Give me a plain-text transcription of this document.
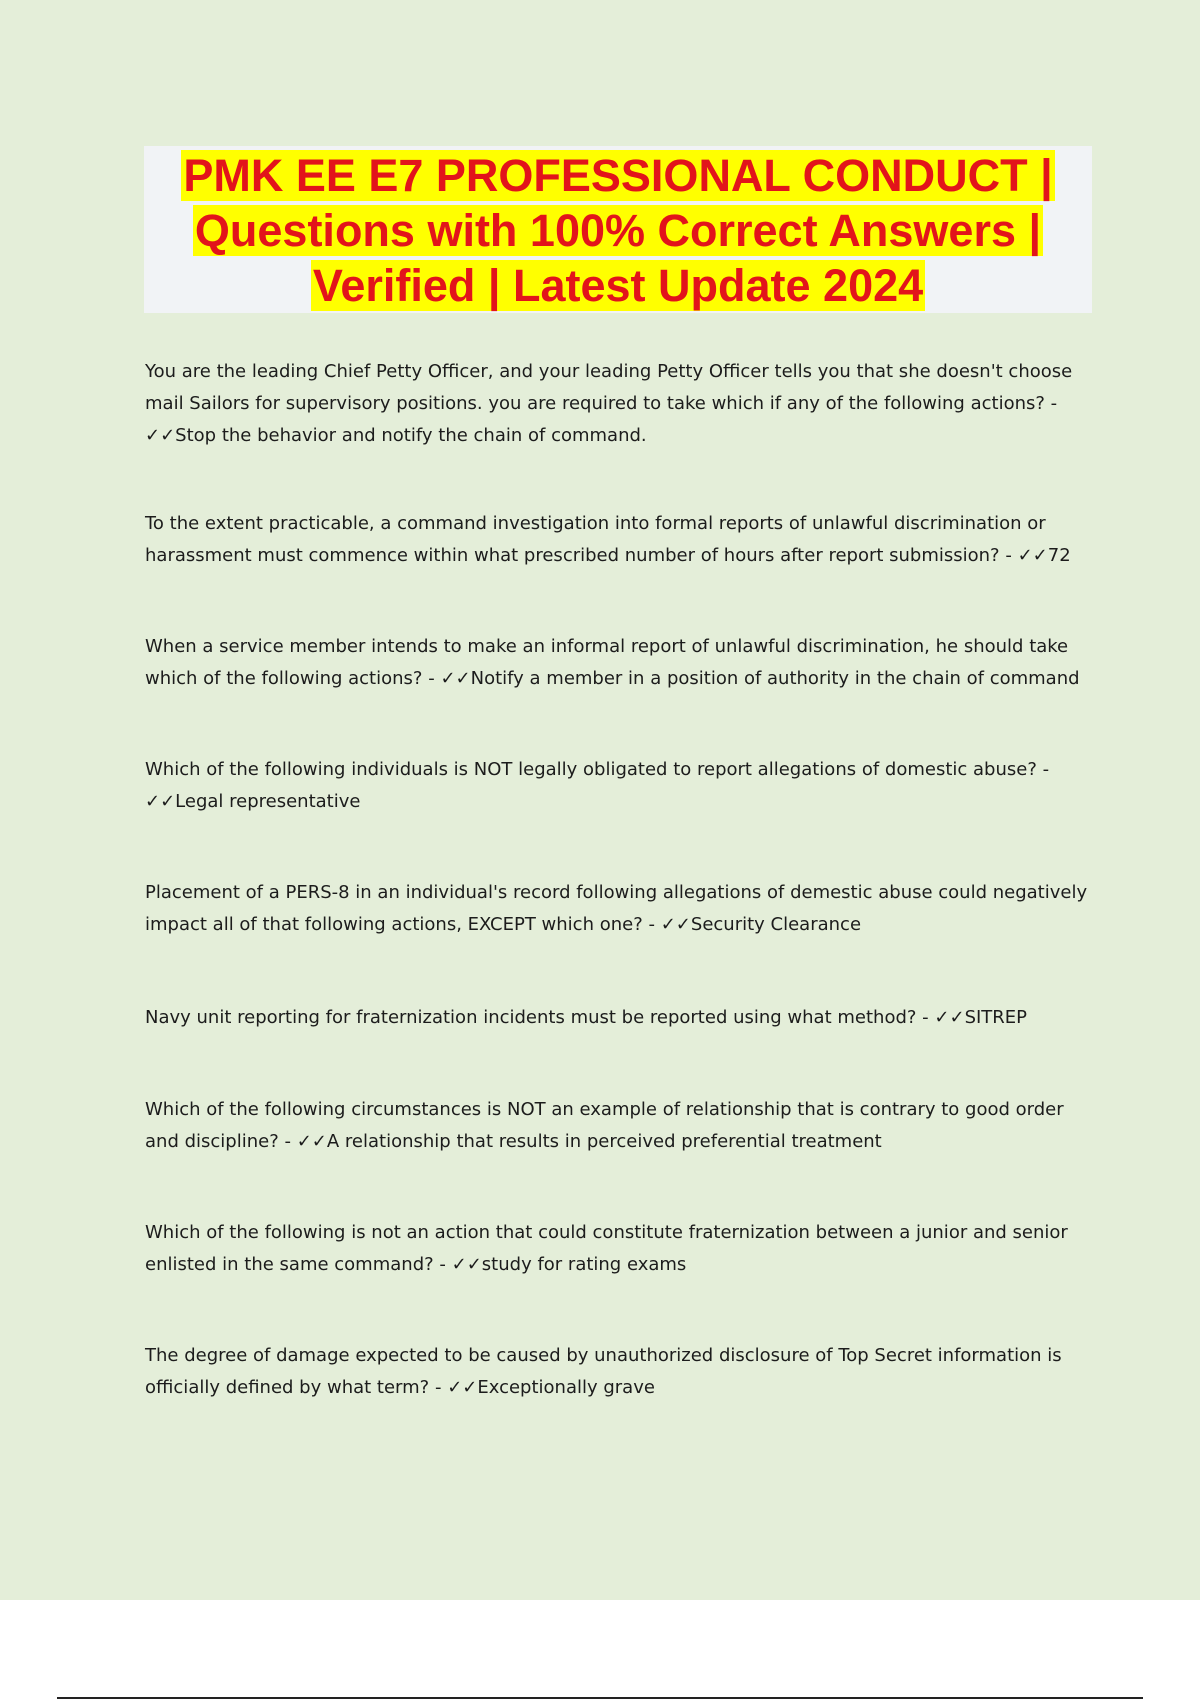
PMK EE E7 PROFESSIONAL CONDUCT | Questions with 100% Correct Answers | Verified | Latest Update 2024

You are the leading Chief Petty Officer, and your leading Petty Officer tells you that she doesn't choose mail Sailors for supervisory positions. you are required to take which if any of the following actions? - ✓✓Stop the behavior and notify the chain of command.

To the extent practicable, a command investigation into formal reports of unlawful discrimination or harassment must commence within what prescribed number of hours after report submission? - ✓✓72

When a service member intends to make an informal report of unlawful discrimination, he should take which of the following actions? - ✓✓Notify a member in a position of authority in the chain of command

Which of the following individuals is NOT legally obligated to report allegations of domestic abuse? - ✓✓Legal representative

Placement of a PERS-8 in an individual's record following allegations of demestic abuse could negatively impact all of that following actions, EXCEPT which one? - ✓✓Security Clearance

Navy unit reporting for fraternization incidents must be reported using what method? - ✓✓SITREP

Which of the following circumstances is NOT an example of relationship that is contrary to good order and discipline? - ✓✓A relationship that results in perceived preferential treatment

Which of the following is not an action that could constitute fraternization between a junior and senior enlisted in the same command? - ✓✓study for rating exams

The degree of damage expected to be caused by unauthorized disclosure of Top Secret information is officially defined by what term? - ✓✓Exceptionally grave
